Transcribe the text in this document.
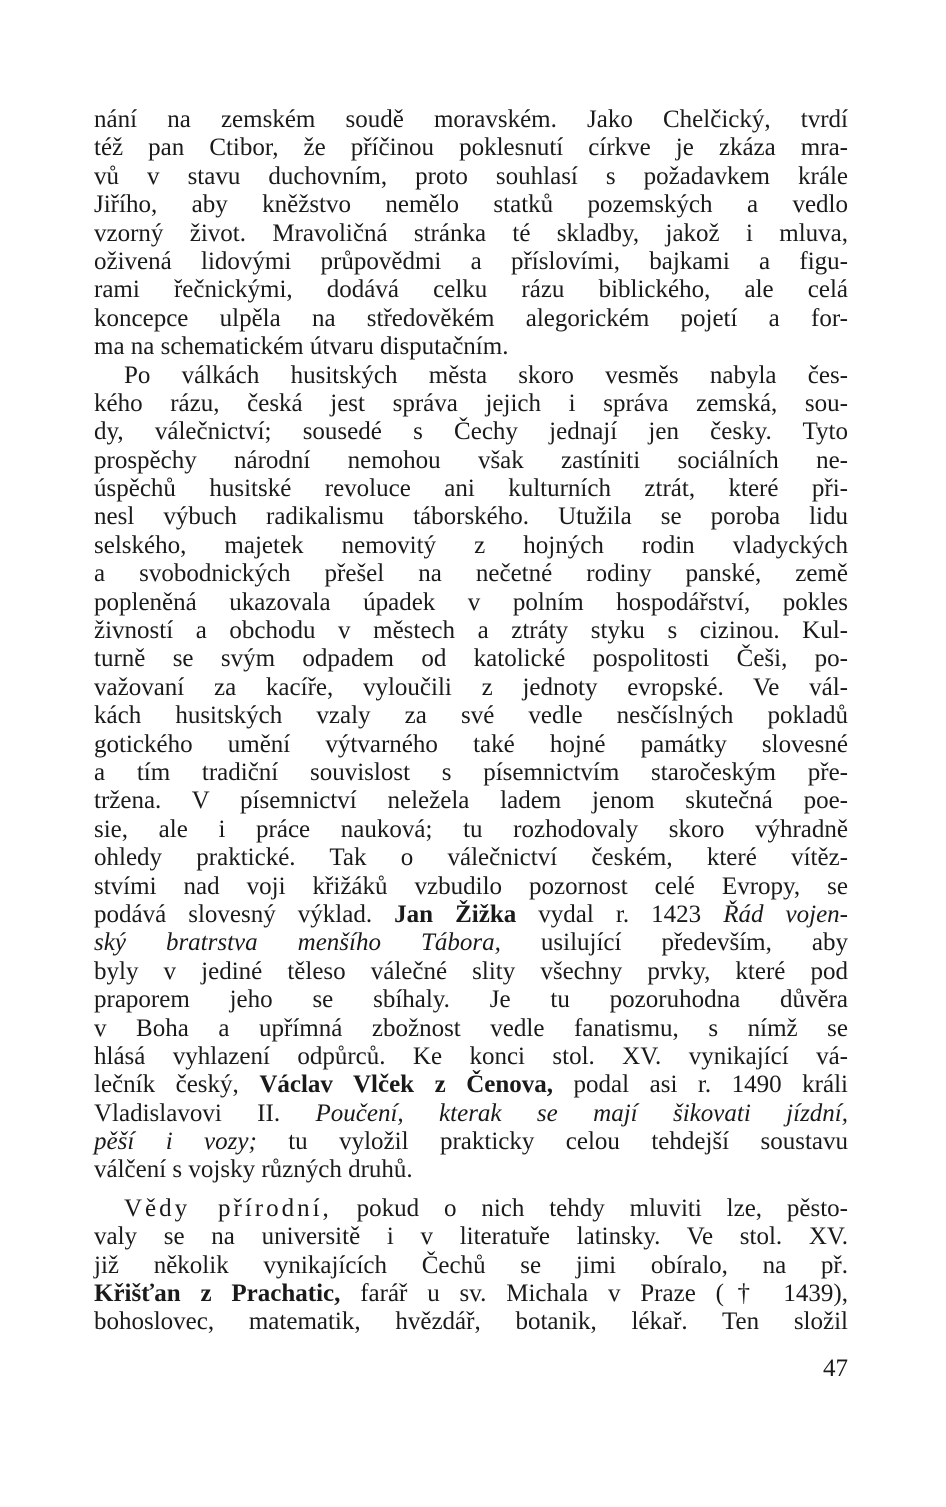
nání na zemském soudě moravském. Jako Chelčický, tvrdí
též pan Ctibor, že příčinou poklesnutí církve je zkáza mra-
vů v stavu duchovním, proto souhlasí s požadavkem krále
Jiřího, aby kněžstvo nemělo statků pozemských a vedlo
vzorný život. Mravoličná stránka té skladby, jakož i mluva,
oživená lidovými průpovědmi a příslovími, bajkami a figu-
rami řečnickými, dodává celku rázu biblického, ale celá
koncepce ulpěla na středověkém alegorickém pojetí a for-
ma na schematickém útvaru disputačním.
Po válkách husitských města skoro vesměs nabyla čes-
kého rázu, česká jest správa jejich i správa zemská, sou-
dy, válečnictví; sousedé s Čechy jednají jen česky. Tyto
prospěchy národní nemohou však zastíniti sociálních ne-
úspěchů husitské revoluce ani kulturních ztrát, které při-
nesl výbuch radikalismu táborského. Utužila se poroba lidu
selského, majetek nemovitý z hojných rodin vladyckých
a svobodnických přešel na nečetné rodiny panské, země
popleněná ukazovala úpadek v polním hospodářství, pokles
živností a obchodu v městech a ztráty styku s cizinou. Kul-
turně se svým odpadem od katolické pospolitosti Češi, po-
važovaní za kacíře, vyloučili z jednoty evropské. Ve vál-
kách husitských vzaly za své vedle nesčíslných pokladů
gotického umění výtvarného také hojné památky slovesné
a tím tradiční souvislost s písemnictvím staročeským pře-
tržena. V písemnictví neležela ladem jenom skutečná poe-
sie, ale i práce nauková; tu rozhodovaly skoro výhradně
ohledy praktické. Tak o válečnictví českém, které vítěz-
stvími nad voji křižáků vzbudilo pozornost celé Evropy, se
podává slovesný výklad. Jan Žižka vydal r. 1423 Řád vojen-
ský bratrstva menšího Tábora, usilující především, aby
byly v jediné těleso válečné slity všechny prvky, které pod
praporem jeho se sbíhaly. Je tu pozoruhodna důvěra
v Boha a upřímná zbožnost vedle fanatismu, s nímž se
hlásá vyhlazení odpůrců. Ke konci stol. XV. vynikající vá-
lečník český, Václav Vlček z Čenova, podal asi r. 1490 králi
Vladislavovi II. Poučení, kterak se mají šikovati jízdní,
pěší i vozy; tu vyložil prakticky celou tehdejší soustavu
válčení s vojsky různých druhů.
Vědy přírodní, pokud o nich tehdy mluviti lze, pěsto-
valy se na universitě i v literatuře latinsky. Ve stol. XV.
již několik vynikajících Čechů se jimi obíralo, na př.
Křišťan z Prachatic, farář u sv. Michala v Praze († 1439),
bohoslovec, matematik, hvězdář, botanik, lékař. Ten složil
47
